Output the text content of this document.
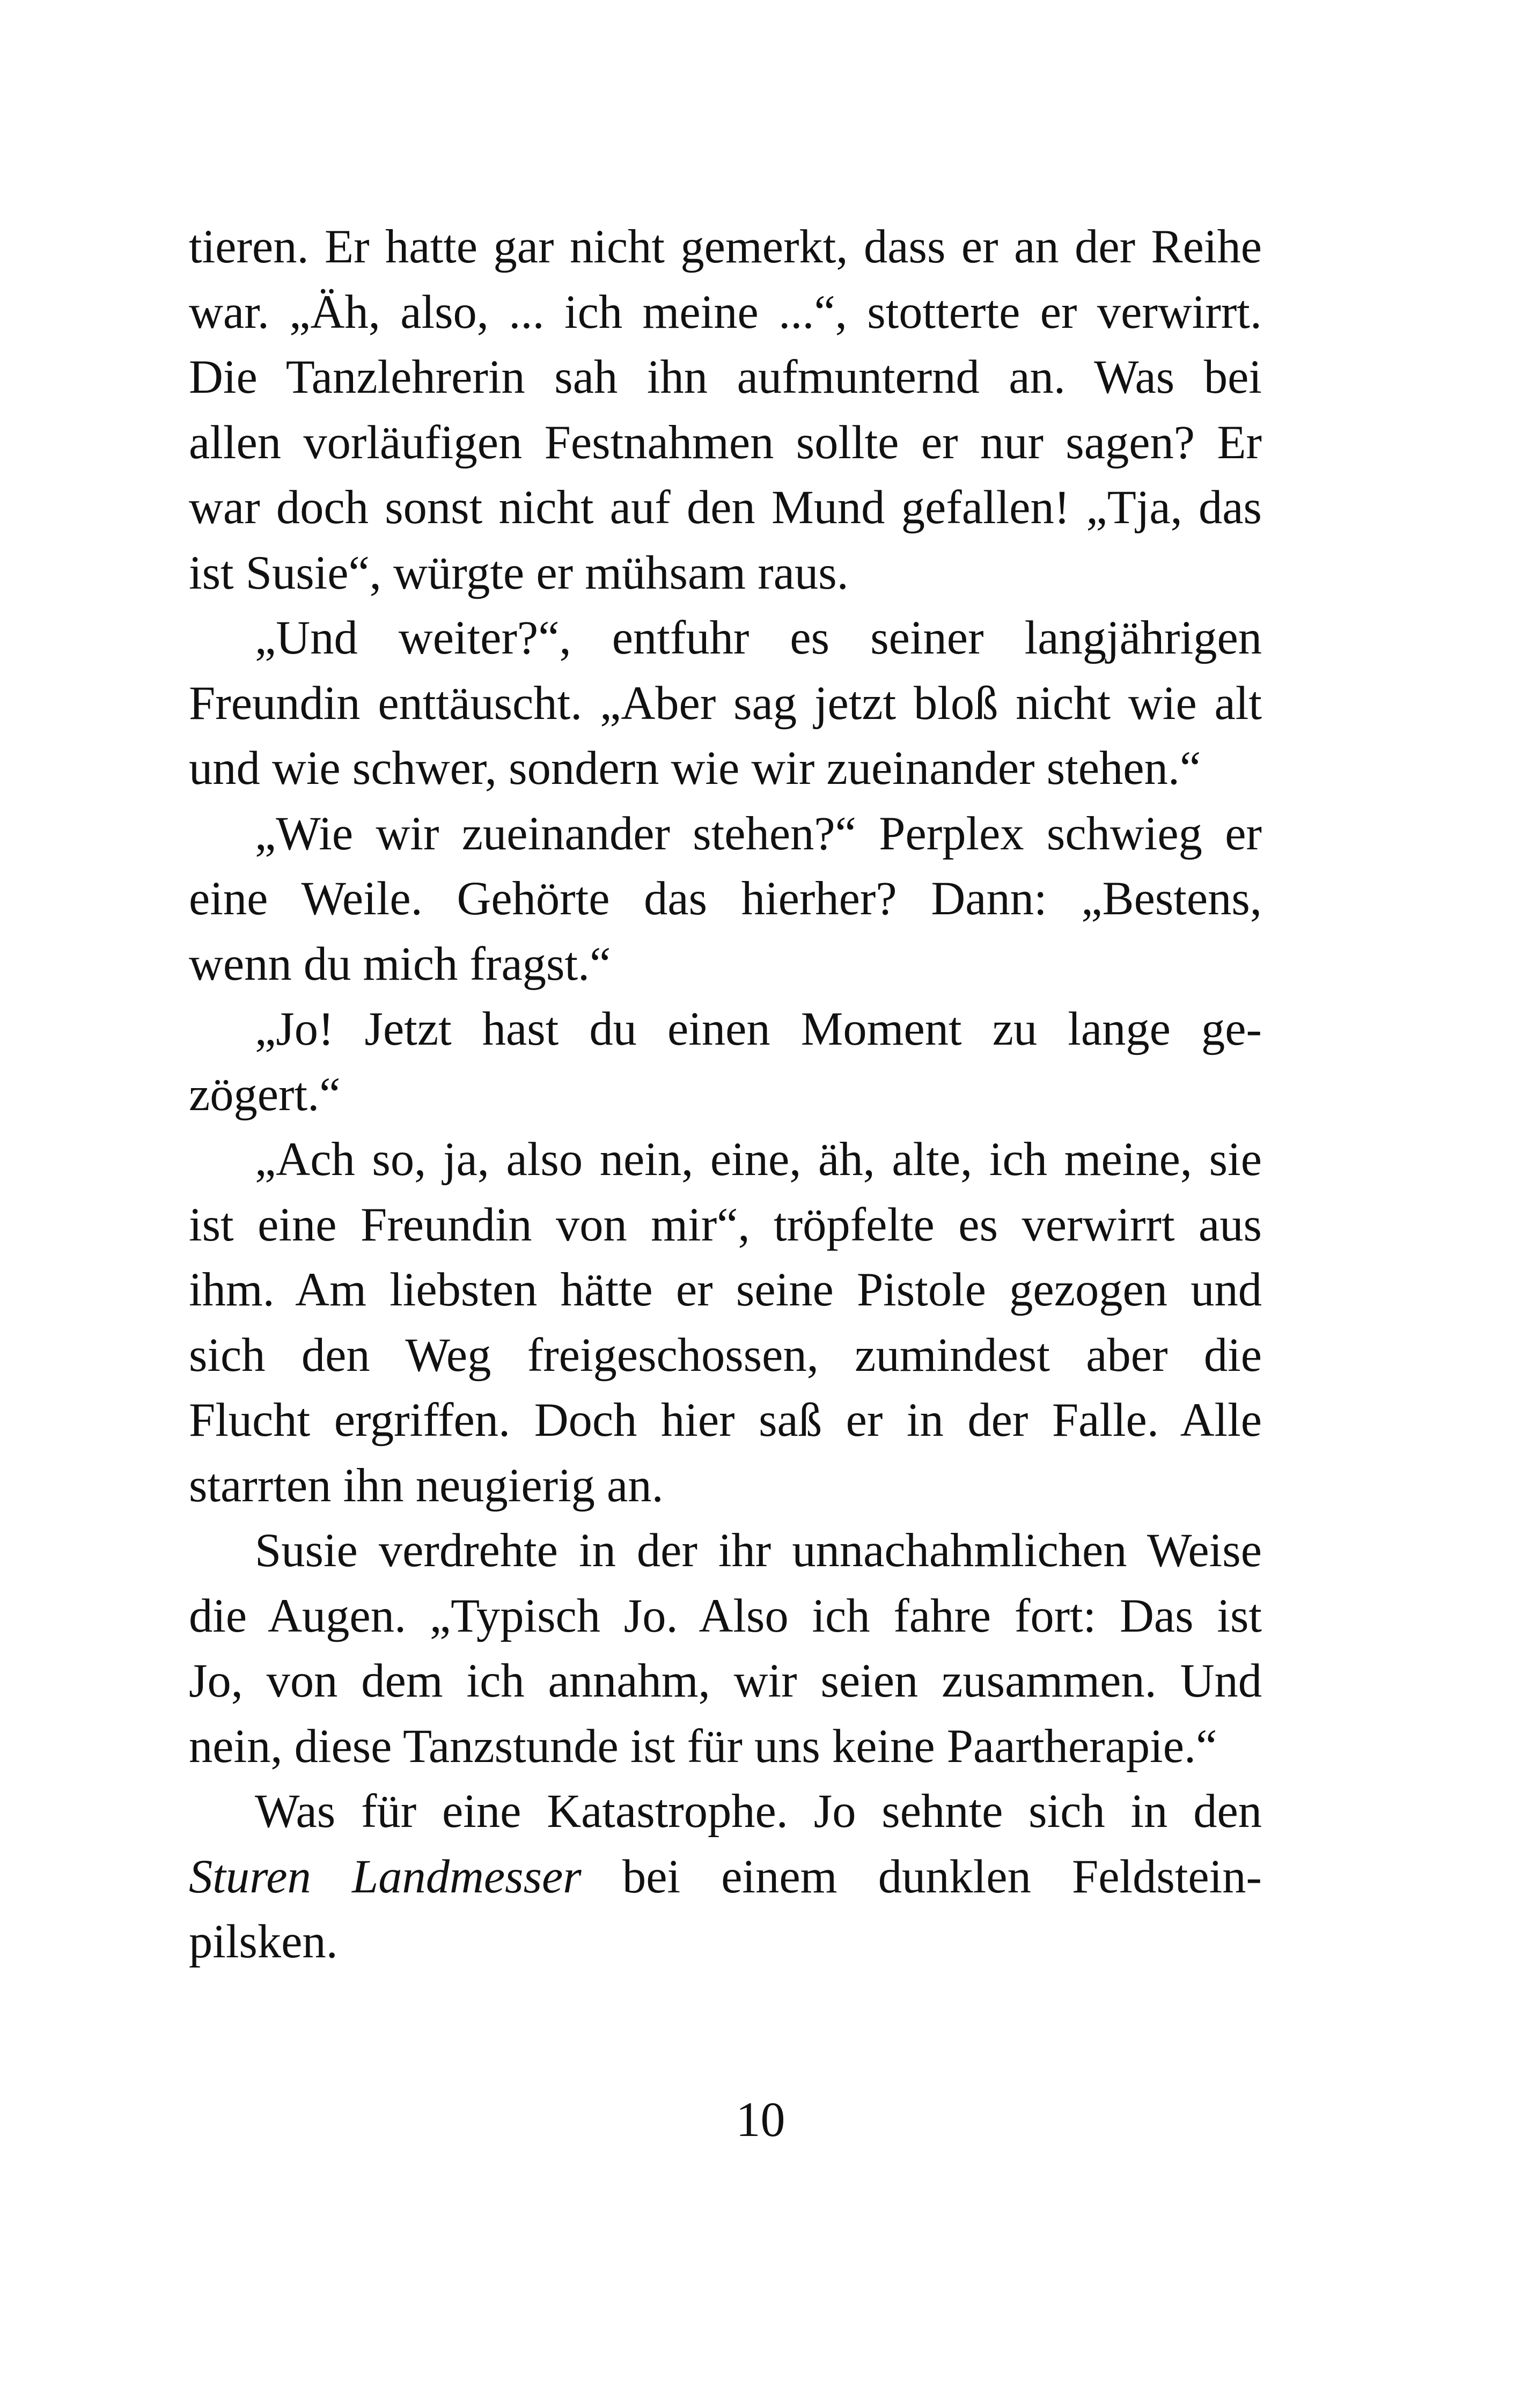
tieren. Er hatte gar nicht gemerkt, dass er an der Reihe

war. „Äh, also, ... ich meine ...“, stotterte er verwirrt.

Die Tanzlehrerin sah ihn aufmunternd an. Was bei

allen vorläufigen Festnahmen sollte er nur sagen? Er

war doch sonst nicht auf den Mund gefallen! „Tja, das

ist Susie“, würgte er mühsam raus.

„Und weiter?“, entfuhr es seiner langjährigen

Freundin enttäuscht. „Aber sag jetzt bloß nicht wie alt

und wie schwer, sondern wie wir zueinander stehen.“

„Wie wir zueinander stehen?“ Perplex schwieg er

eine Weile. Gehörte das hierher? Dann: „Bestens,

wenn du mich fragst.“

„Jo! Jetzt hast du einen Moment zu lange ge-

zögert.“

„Ach so, ja, also nein, eine, äh, alte, ich meine, sie

ist eine Freundin von mir“, tröpfelte es verwirrt aus

ihm. Am liebsten hätte er seine Pistole gezogen und

sich den Weg freigeschossen, zumindest aber die

Flucht ergriffen. Doch hier saß er in der Falle. Alle

starrten ihn neugierig an.

Susie verdrehte in der ihr unnachahmlichen Weise

die Augen. „Typisch Jo. Also ich fahre fort: Das ist

Jo, von dem ich annahm, wir seien zusammen. Und

nein, diese Tanzstunde ist für uns keine Paartherapie.“

Was für eine Katastrophe. Jo sehnte sich in den

Sturen Landmesser bei einem dunklen Feldstein-

pilsken.

10
